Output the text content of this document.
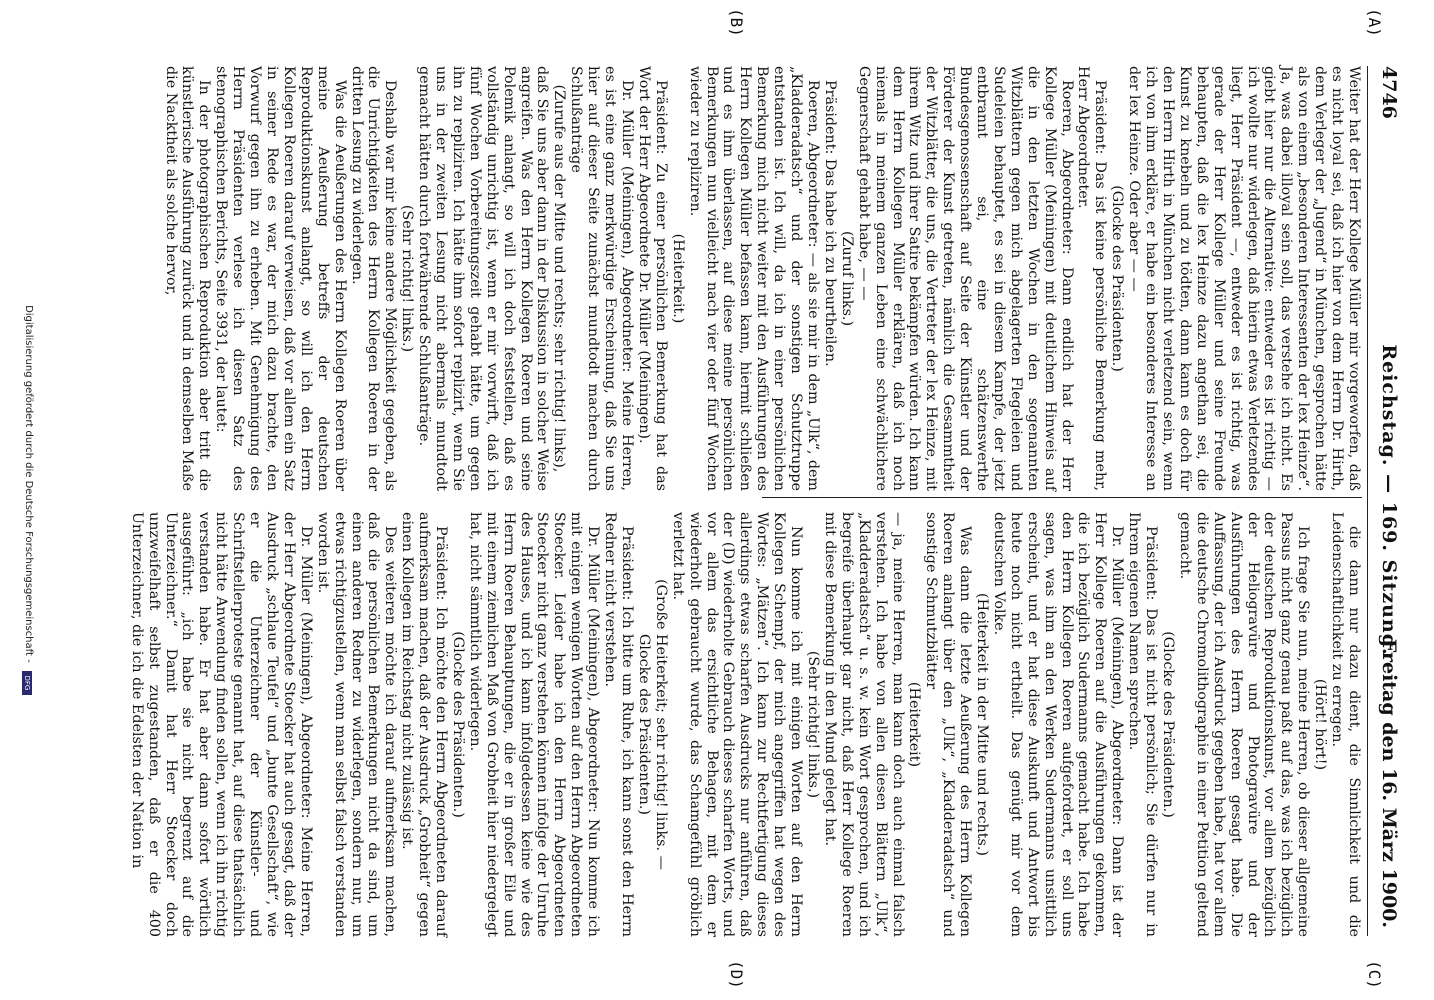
4746
Reichstag. — 169. Sitzung.
Freitag den 16. März 1900.
(A)
(B)
(C)
(D)

Weiter hat der Herr Kollege Müller mir vorgeworfen, daß es nicht loyal sei, daß ich hier von dem Herrn Dr. Hirth, dem Verleger der „Jugend“ in München, gesprochen hätte als von einem „besonderen Interessenten der lex Heinze“. Ja, was dabei illoyal sein soll, das verstehe ich nicht. Es giebt hier nur die Alternative: entweder es ist richtig — ich wollte nur widerlegen, daß hierin etwas Verletzendes liegt, Herr Präsident —, entweder es ist richtig, was gerade der Herr Kollege Müller und seine Freunde behaupten, daß die lex Heinze dazu angethan sei, die Kunst zu knebeln und zu tödten, dann kann es doch für den Herrn Hirth in München nicht verletzend sein, wenn ich von ihm erkläre, er habe ein besonderes Interesse an der lex Heinze. Oder aber — —

(Glocke des Präsidenten.)

Präsident: Das ist keine persönliche Bemerkung mehr, Herr Abgeordneter.

Roeren, Abgeordneter: Dann endlich hat der Herr Kollege Müller (Meiningen) mit deutlichem Hinweis auf die in den letzten Wochen in den sogenannten Witzblättern gegen mich abgelagerten Flegeleien und Sudeleien behauptet, es sei in diesem Kampfe, der jetzt entbrannt sei, eine schätzenswerthe Bundesgenossenschaft auf Seite der Künstler und der Förderer der Kunst getreten, nämlich die Gesammtheit der Witzblätter, die uns, die Vertreter der lex Heinze, mit ihrem Witz und ihrer Satire bekämpfen würden. Ich kann dem Herrn Kollegen Müller erklären, daß ich noch niemals in meinem ganzen Leben eine schwächlichere Gegnerschaft gehabt habe, — —

(Zuruf links.)

Präsident: Das habe ich zu beurtheilen.

Roeren, Abgeordneter: — als sie mir in dem „Ulk“, dem „Kladderadatsch“ und der sonstigen Schutztruppe entstanden ist. Ich will, da ich in einer persönlichen Bemerkung mich nicht weiter mit den Ausführungen des Herrn Kollegen Müller befassen kann, hiermit schließen und es ihm überlassen, auf diese meine persönlichen Bemerkungen nun vielleicht nach vier oder fünf Wochen wieder zu repliziren.

(Heiterkeit.)

Präsident: Zu einer persönlichen Bemerkung hat das Wort der Herr Abgeordnete Dr. Müller (Meiningen).

Dr. Müller (Meiningen), Abgeordneter: Meine Herren, es ist eine ganz merkwürdige Erscheinung, daß Sie uns hier auf dieser Seite zunächst mundtodt machen durch Schlußanträge

(Zurufe aus der Mitte und rechts; sehr richtig! links),

daß Sie uns aber dann in der Diskussion in solcher Weise angreifen. Was den Herrn Kollegen Roeren und seine Polemik anlangt, so will ich doch feststellen, daß es vollständig unrichtig ist, wenn er mir vorwirft, daß ich fünf Wochen Vorbereitungszeit gehabt hätte, um gegen ihn zu repliziren. Ich hätte ihm sofort replizirt, wenn Sie uns in der zweiten Lesung nicht abermals mundtodt gemacht hätten durch fortwährende Schlußanträge.

(Sehr richtig! links.)

Deshalb war mir keine andere Möglichkeit gegeben, als die Unrichtigkeiten des Herrn Kollegen Roeren in der dritten Lesung zu widerlegen.

Was die Aeußerungen des Herrn Kollegen Roeren über meine Aeußerung betreffs der deutschen Reproduktionskunst anlangt, so will ich den Herrn Kollegen Roeren darauf verweisen, daß vor allem ein Satz in seiner Rede es war, der mich dazu brachte, den Vorwurf gegen ihn zu erheben. Mit Genehmigung des Herrn Präsidenten verlese ich diesen Satz des stenographischen Berichts, Seite 3931, der lautet:

In der photographischen Reproduktion aber tritt die künstlerische Ausführung zurück und in demselben Maße die Nacktheit als solche hervor,

die dann nur dazu dient, die Sinnlichkeit und die Leidenschaftlichkeit zu erregen.

(Hört! hört!)

Ich frage Sie nun, meine Herren, ob dieser allgemeine Passus nicht ganz genau paßt auf das, was ich bezüglich der deutschen Reproduktionskunst, vor allem bezüglich der Heliogravüre und Photogravüre und der Ausführungen des Herrn Roeren gesagt habe. Die Auffassung, der ich Ausdruck gegeben habe, hat vor allem die deutsche Chromolithographie in einer Petition geltend gemacht.

(Glocke des Präsidenten.)

Präsident: Das ist nicht persönlich; Sie dürfen nur in Ihrem eigenen Namen sprechen.

Dr. Müller (Meiningen), Abgeordneter: Dann ist der Herr Kollege Roeren auf die Ausführungen gekommen, die ich bezüglich Sudermanns gemacht habe. Ich habe den Herrn Kollegen Roeren aufgefordert, er soll uns sagen, was ihm an den Werken Sudermanns unsittlich erscheint, und er hat diese Auskunft und Antwort bis heute noch nicht ertheilt. Das genügt mir vor dem deutschen Volke.

(Heiterkeit in der Mitte und rechts.)

Was dann die letzte Aeußerung des Herrn Kollegen Roeren anlangt über den „Ulk“, „Kladderadatsch“ und sonstige Schmutzblätter

(Heiterkeit)

— ja, meine Herren, man kann doch auch einmal falsch verstehen. Ich habe von allen diesen Blättern „Ulk“, „Kladderadatsch“ u. s. w. kein Wort gesprochen, und ich begreife überhaupt gar nicht, daß Herr Kollege Roeren mit diese Bemerkung in den Mund gelegt hat.

(Sehr richtig! links.)

Nun komme ich mit einigen Worten auf den Herrn Kollegen Schempf, der mich angegriffen hat wegen des Wortes: „Mätzen“. Ich kann zur Rechtfertigung dieses allerdings etwas scharfen Ausdrucks nur anführen, daß der (D) wiederholte Gebrauch dieses scharfen Worts, und vor allem das ersichtliche Behagen, mit dem er wiederholt gebraucht wurde, das Schamgefühl gröblich verletzt hat.

(Große Heiterkeit; sehr richtig! links. —

Glocke des Präsidenten.)

Präsident: Ich bitte um Ruhe, ich kann sonst den Herrn Redner nicht verstehen.

Dr. Müller (Meiningen), Abgeordneter: Nun komme ich mit einigen wenigen Worten auf den Herrn Abgeordneten Stoecker. Leider habe ich den Herrn Abgeordneten Stoecker nicht ganz verstehen können infolge der Unruhe des Hauses, und ich kann infolgedessen keine wie des Herrn Roeren Behauptungen, die er in großer Eile und mit einem ziemlichen Maß von Grobheit hier niedergelegt hat, nicht sämmtlich widerlegen.

(Glocke des Präsidenten.)

Präsident: Ich möchte den Herrn Abgeordneten darauf aufmerksam machen, daß der Ausdruck „Grobheit“ gegen einen Kollegen im Reichstag nicht zulässig ist.

Des weiteren möchte ich darauf aufmerksam machen, daß die persönlichen Bemerkungen nicht da sind, um einen anderen Redner zu widerlegen, sondern nur, um etwas richtigzustellen, wenn man selbst falsch verstanden worden ist.

Dr. Müller (Meiningen), Abgeordneter: Meine Herren, der Herr Abgeordnete Stoecker hat auch gesagt, daß der Ausdruck „schlaue Teufel“ und „bunte Gesellschaft“, wie er die Unterzeichner der Künstler- und Schriftstellerproteste genannt hat, auf diese thatsächlich nicht hätte Anwendung finden sollen, wenn ich ihn richtig verstanden habe. Er hat aber dann sofort wörtlich ausgeführt: „ich habe sie nicht begrenzt auf die Unterzeichner.“ Damit hat Herr Stoecker doch unzweifelhaft selbst zugestanden, daß er die 400 Unterzeichner, die ich die Edelsten der Nation in

Digitalisierung gefördert durch die Deutsche Forschungsgemeinschaft - DFG
